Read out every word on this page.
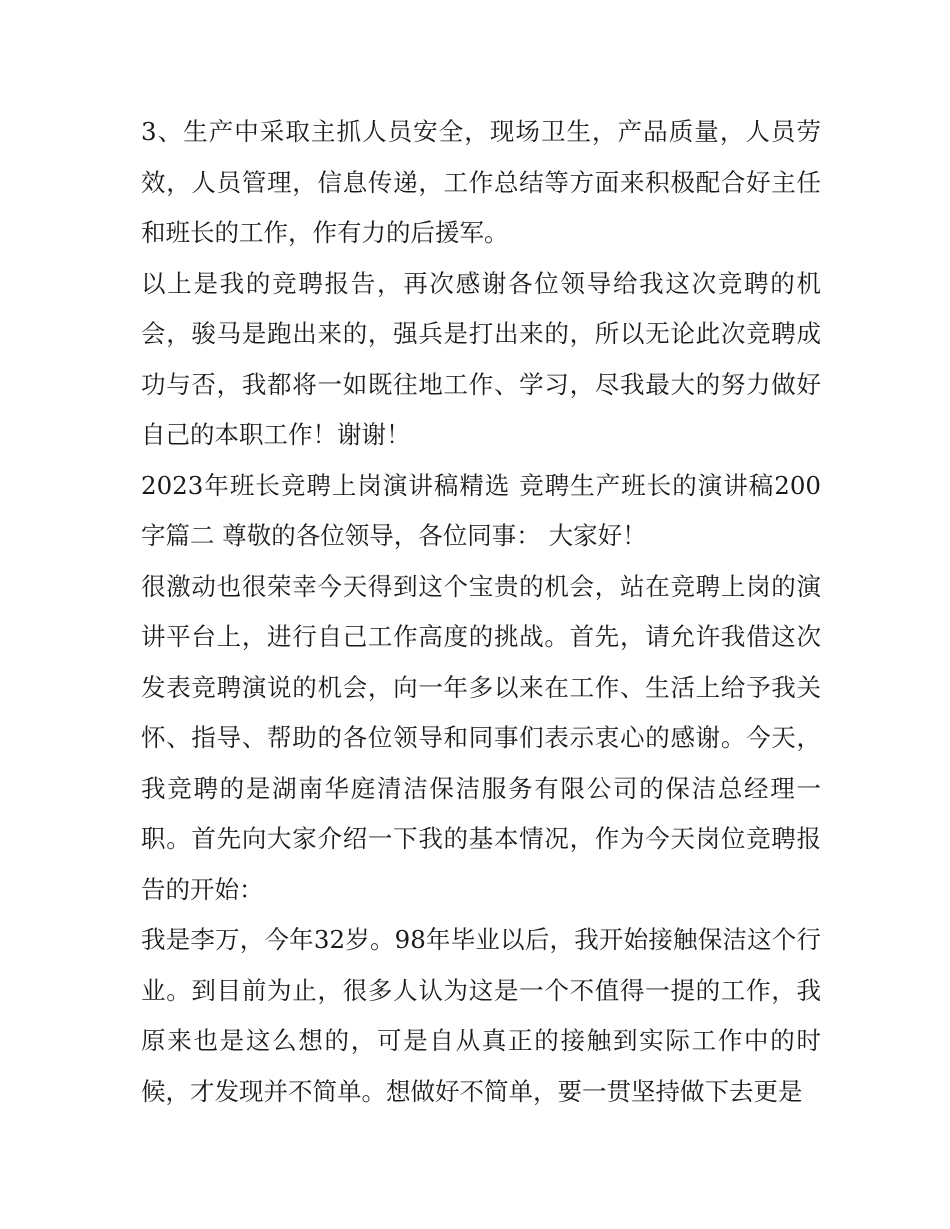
3、生产中采取主抓人员安全，现场卫生，产品质量，人员劳效，人员管理，信息传递，工作总结等方面来积极配合好主任和班长的工作，作有力的后援军。

以上是我的竞聘报告，再次感谢各位领导给我这次竞聘的机会，骏马是跑出来的，强兵是打出来的，所以无论此次竞聘成功与否，我都将一如既往地工作、学习，尽我最大的努力做好自己的本职工作！谢谢！

2023年班长竞聘上岗演讲稿精选 竞聘生产班长的演讲稿200字篇二 尊敬的各位领导，各位同事： 大家好！

很激动也很荣幸今天得到这个宝贵的机会，站在竞聘上岗的演讲平台上，进行自己工作高度的挑战。首先，请允许我借这次发表竞聘演说的机会，向一年多以来在工作、生活上给予我关怀、指导、帮助的各位领导和同事们表示衷心的感谢。今天，我竞聘的是湖南华庭清洁保洁服务有限公司的保洁总经理一职。首先向大家介绍一下我的基本情况，作为今天岗位竞聘报告的开始：

我是李万，今年32岁。98年毕业以后，我开始接触保洁这个行业。到目前为止，很多人认为这是一个不值得一提的工作，我原来也是这么想的，可是自从真正的接触到实际工作中的时候，才发现并不简单。想做好不简单，要一贯坚持做下去更是
